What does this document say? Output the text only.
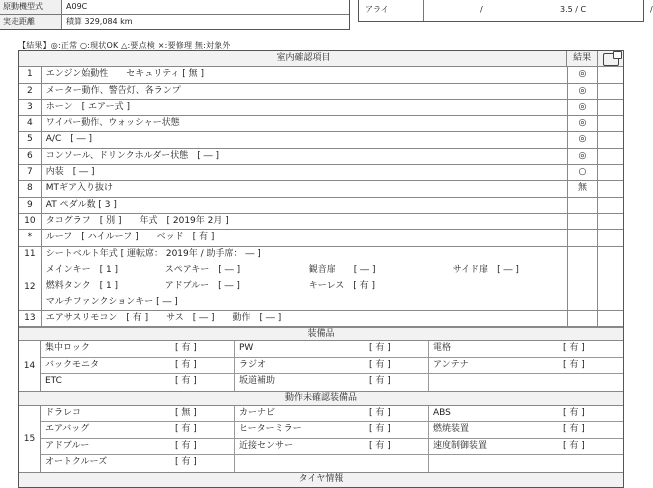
原動機型式	A09C
実走距離	積算 329,084 km
アライ	/	3.5 / C	/
【結果】◎:正常 ○:現状OK △:要点検 ×:要修理 無:対象外
室内確認項目	結果
1	エンジン始動性　　セキュリティ [ 無 ]	◎
2	メーター動作、警告灯、各ランプ	◎
3	ホーン　[ エアー式 ]	◎
4	ワイパー動作、ウォッシャー状態	◎
5	A/C　[ ― ]	◎
6	コンソール、ドリンクホルダー状態　[ ― ]	◎
7	内装　[ ― ]	○
8	MTギア入り抜け	無
9	AT ペダル数 [ 3 ]
10	タコグラフ　[ 別 ]　　年式　[ 2019年 2月 ]
*	ルーフ　[ ハイルーフ ]　　ベッド　[ 有 ]
11	シートベルト年式 [ 運転席： 2019年 / 助手席： ― ]
12
メインキー　[ 1 ]	スペアキー　[ ― ]	観音扉　　[ ― ]	サイド扉　[ ― ]
燃料タンク　[ 1 ]	アドブルー　[ ― ]	キーレス　[ 有 ]
マルチファンクションキー [ ― ]
13	エアサスリモコン　[ 有 ]　　サス　[ ― ]　　動作　[ ― ]
装備品
14
集中ロック	[ 有 ]	PW	[ 有 ]	電格	[ 有 ]
バックモニタ	[ 有 ]	ラジオ	[ 有 ]	アンテナ	[ 有 ]
ETC	[ 有 ]	坂道補助	[ 有 ]
動作未確認装備品
15
ドラレコ	[ 無 ]	カーナビ	[ 有 ]	ABS	[ 有 ]
エアバッグ	[ 有 ]	ヒーターミラー	[ 有 ]	燃焼装置	[ 有 ]
アドブルー	[ 有 ]	近接センサー	[ 有 ]	速度制御装置	[ 有 ]
オートクルーズ	[ 有 ]
タイヤ情報
